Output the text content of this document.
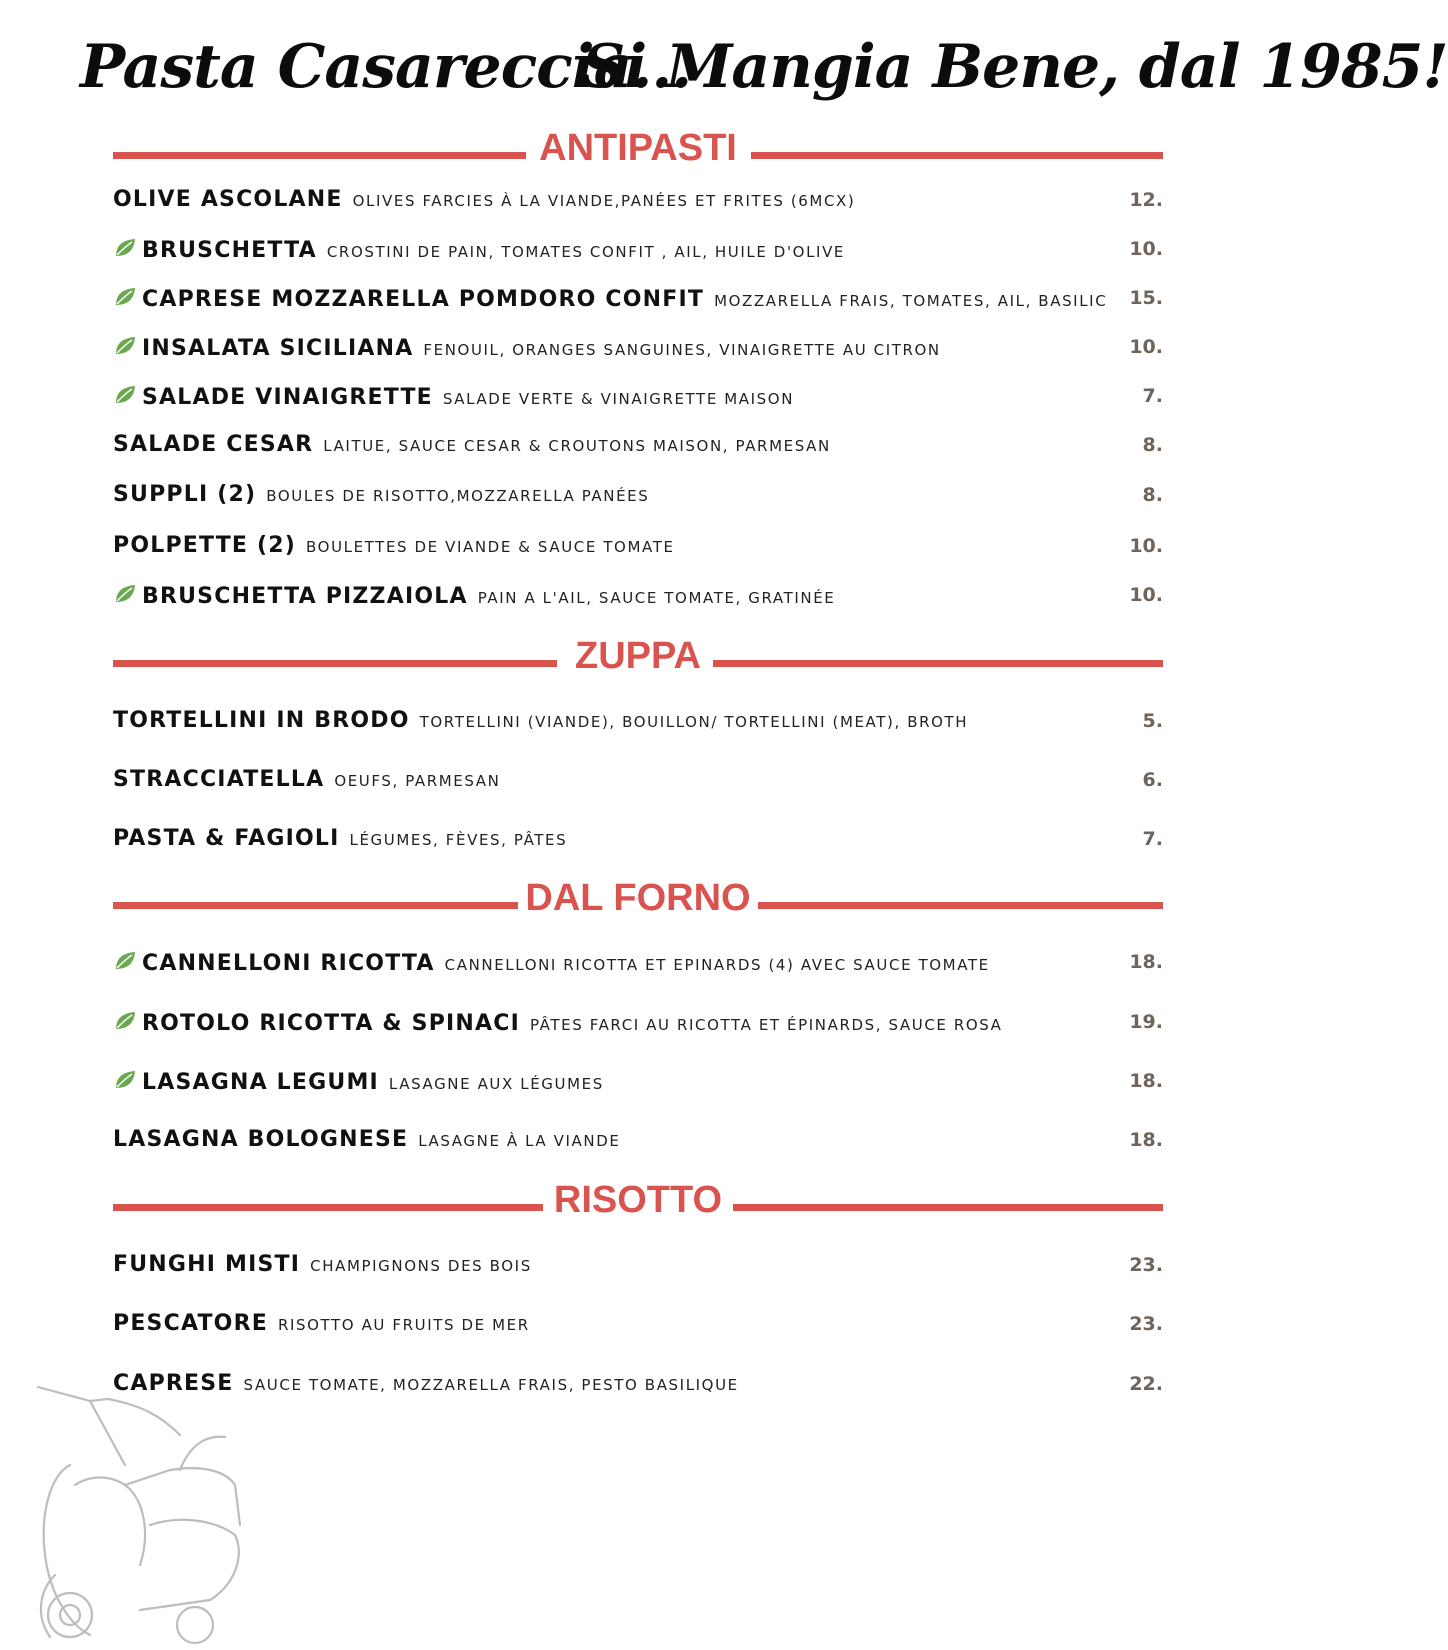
Pasta Casareccia...
Si Mangia Bene, dal 1985!
ANTIPASTI
OLIVE ASCOLANE OLIVES FARCIES À LA VIANDE,PANÉES ET FRITES (6MCX)	12.
BRUSCHETTA CROSTINI DE PAIN, TOMATES CONFIT , AIL, HUILE D'OLIVE	10.
CAPRESE MOZZARELLA POMDORO CONFIT MOZZARELLA FRAIS, TOMATES, AIL, BASILIC 15.
INSALATA SICILIANA FENOUIL, ORANGES SANGUINES, VINAIGRETTE AU CITRON	10.
SALADE VINAIGRETTE SALADE VERTE & VINAIGRETTE MAISON	7.
SALADE CESAR LAITUE, SAUCE CESAR & CROUTONS MAISON, PARMESAN	8.
SUPPLI (2) BOULES DE RISOTTO,MOZZARELLA PANÉES	8.
POLPETTE (2) BOULETTES DE VIANDE & SAUCE TOMATE	10.
BRUSCHETTA PIZZAIOLA PAIN A L'AIL, SAUCE TOMATE, GRATINÉE	10.
ZUPPA
TORTELLINI IN BRODO TORTELLINI (VIANDE), BOUILLON/ TORTELLINI (MEAT), BROTH	5.
STRACCIATELLA OEUFS, PARMESAN	6.
PASTA & FAGIOLI LÉGUMES, FÈVES, PÂTES	7.
DAL FORNO
CANNELLONI RICOTTA CANNELLONI RICOTTA ET EPINARDS (4) AVEC SAUCE TOMATE	18.
ROTOLO RICOTTA & SPINACI PÂTES FARCI AU RICOTTA ET ÉPINARDS, SAUCE ROSA	19.
LASAGNA LEGUMI LASAGNE AUX LÉGUMES	18.
LASAGNA BOLOGNESE LASAGNE À LA VIANDE	18.
RISOTTO
FUNGHI MISTI CHAMPIGNONS DES BOIS	23.
PESCATORE RISOTTO AU FRUITS DE MER	23.
CAPRESE SAUCE TOMATE, MOZZARELLA FRAIS, PESTO BASILIQUE	22.
